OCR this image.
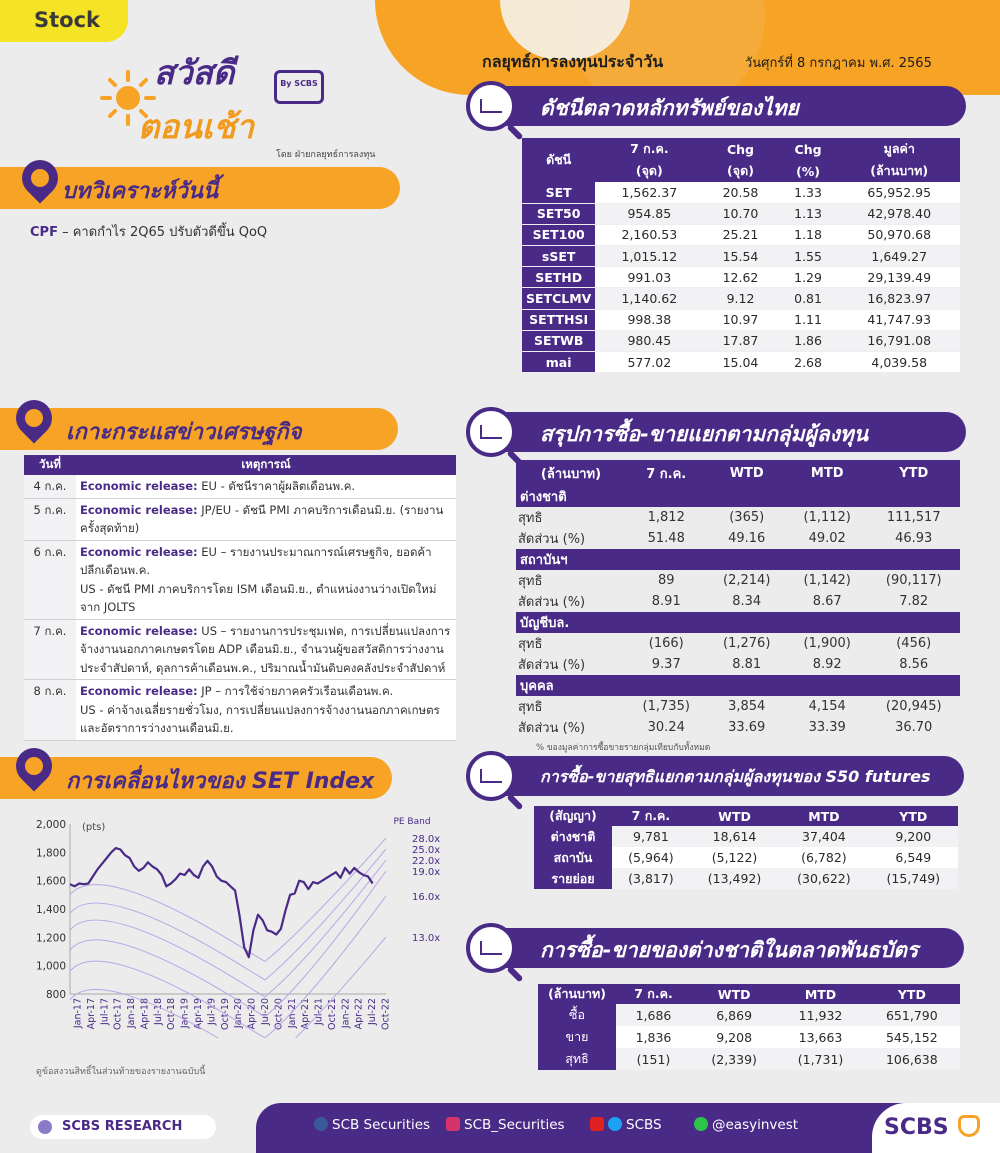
Stock
สวัสดี
ตอนเช้า
By SCBS
โดย ฝ่ายกลยุทธ์การลงทุน
กลยุทธ์การลงทุนประจำวัน	วันศุกร์ที่ 8 กรกฎาคม พ.ศ. 2565
บทวิเคราะห์วันนี้
CPF – คาดกำไร 2Q65 ปรับตัวดีขึ้น QoQ
ดัชนีตลาดหลักทรัพย์ของไทย
ดัชนี	7 ก.ค.	Chg	Chg	มูลค่า
	(จุด)	(จุด)	(%)	(ล้านบาท)
SET	1,562.37	20.58	1.33	65,952.95
SET50	954.85	10.70	1.13	42,978.40
SET100	2,160.53	25.21	1.18	50,970.68
sSET	1,015.12	15.54	1.55	1,649.27
SETHD	991.03	12.62	1.29	29,139.49
SETCLMV	1,140.62	9.12	0.81	16,823.97
SETTHSI	998.38	10.97	1.11	41,747.93
SETWB	980.45	17.87	1.86	16,791.08
mai	577.02	15.04	2.68	4,039.58
เกาะกระแสข่าวเศรษฐกิจ
วันที่	เหตุการณ์
4 ก.ค.	Economic release: EU - ดัชนีราคาผู้ผลิตเดือนพ.ค.

5 ก.ค.	Economic release: JP/EU - ดัชนี PMI ภาคบริการเดือนมิ.ย. (รายงานครั้งสุดท้าย)

6 ก.ค.	Economic release: EU – รายงานประมาณการณ์เศรษฐกิจ, ยอดค้าปลีกเดือนพ.ค.
US - ดัชนี PMI ภาคบริการโดย ISM เดือนมิ.ย., ตำแหน่งงานว่างเปิดใหม่จาก JOLTS

7 ก.ค.	Economic release: US – รายงานการประชุมเฟด, การเปลี่ยนแปลงการจ้างงานนอกภาคเกษตรโดย ADP เดือนมิ.ย., จำนวนผู้ขอสวัสดิการว่างงานประจำสัปดาห์, ดุลการค้าเดือนพ.ค., ปริมาณน้ำมันดิบคงคลังประจำสัปดาห์

8 ก.ค.	Economic release: JP – การใช้จ่ายภาคครัวเรือนเดือนพ.ค.
US - ค่าจ้างเฉลี่ยรายชั่วโมง, การเปลี่ยนแปลงการจ้างงานนอกภาคเกษตรและอัตราการว่างงานเดือนมิ.ย.
สรุปการซื้อ-ขายแยกตามกลุ่มผู้ลงทุน
(ล้านบาท)	7 ก.ค.	WTD	MTD	YTD
ต่างชาติ				
สุทธิ	1,812	(365)	(1,112)	111,517
สัดส่วน (%)	51.48	49.16	49.02	46.93
สถาบันฯ				
สุทธิ	89	(2,214)	(1,142)	(90,117)
สัดส่วน (%)	8.91	8.34	8.67	7.82
บัญชีบล.				
สุทธิ	(166)	(1,276)	(1,900)	(456)
สัดส่วน (%)	9.37	8.81	8.92	8.56
บุคคล				
สุทธิ	(1,735)	3,854	4,154	(20,945)
สัดส่วน (%)	30.24	33.69	33.39	36.70
% ของมูลค่าการซื้อขายรายกลุ่มเทียบกับทั้งหมด				
การซื้อ-ขายสุทธิแยกตามกลุ่มผู้ลงทุนของ S50 futures
(สัญญา)	7 ก.ค.	WTD	MTD	YTD
ต่างชาติ	9,781	18,614	37,404	9,200
สถาบัน	(5,964)	(5,122)	(6,782)	6,549
รายย่อย	(3,817)	(13,492)	(30,622)	(15,749)
การซื้อ-ขายของต่างชาติในตลาดพันธบัตร
(ล้านบาท)	7 ก.ค.	WTD	MTD	YTD
ซื้อ	1,686	6,869	11,932	651,790
ขาย	1,836	9,208	13,663	545,152
สุทธิ	(151)	(2,339)	(1,731)	106,638
การเคลื่อนไหวของ SET Index
800
1,000
1,200
1,400
1,600
1,800
2,000 (pts)
Jan-17 Apr-17 Jul-17 Oct-17 Jan-18 Apr-18 Jul-18 Oct-18 Jan-19 Apr-19 Jul-19 Oct-19 Jan-20 Apr-20 Jul-20 Oct-20 Jan-21 Apr-21 Jul-21 Oct-21 Jan-22 Apr-22 Jul-22 Oct-22
PE Band
28.0x
25.0x
22.0x
19.0x
16.0x
13.0x
ดูข้อสงวนสิทธิ์ในส่วนท้ายของรายงานฉบับนี้
SCBS RESEARCH	SCB Securities	SCB_Securities	SCBS	@easyinvest	SCBS
